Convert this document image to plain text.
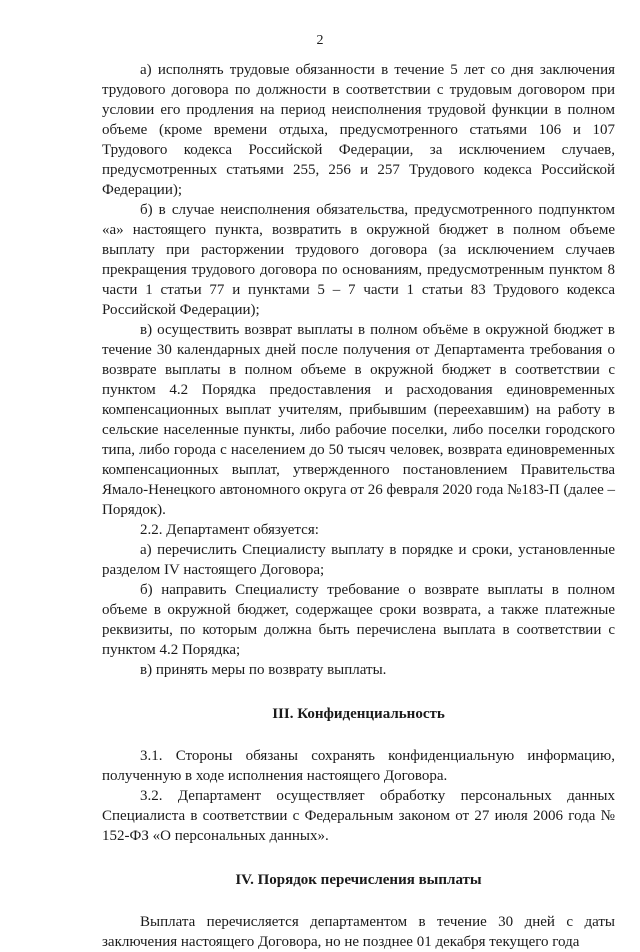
2

а) исполнять трудовые обязанности в течение 5 лет со дня заключения трудового договора по должности в соответствии с трудовым договором при условии его продления на период неисполнения трудовой функции в полном объеме (кроме времени отдыха, предусмотренного статьями 106 и 107 Трудового кодекса Российской Федерации, за исключением случаев, предусмотренных статьями 255, 256 и 257 Трудового кодекса Российской Федерации);

б) в случае неисполнения обязательства, предусмотренного подпунктом «а» настоящего пункта, возвратить в окружной бюджет в полном объеме выплату при расторжении трудового договора (за исключением случаев прекращения трудового договора по основаниям, предусмотренным пунктом 8 части 1 статьи 77 и пунктами 5 – 7 части 1 статьи 83 Трудового кодекса Российской Федерации);

в) осуществить возврат выплаты в полном объёме в окружной бюджет в течение 30 календарных дней после получения от Департамента требования о возврате выплаты в полном объеме в окружной бюджет в соответствии с пунктом 4.2 Порядка предоставления и расходования единовременных компенсационных выплат учителям, прибывшим (переехавшим) на работу в сельские населенные пункты, либо рабочие поселки, либо поселки городского типа, либо города с населением до 50 тысяч человек, возврата единовременных компенсационных выплат, утвержденного постановлением Правительства Ямало-Ненецкого автономного округа от 26 февраля 2020 года №183-П (далее – Порядок).

2.2. Департамент обязуется:

а) перечислить Специалисту выплату в порядке и сроки, установленные разделом IV настоящего Договора;

б) направить Специалисту требование о возврате выплаты в полном объеме в окружной бюджет, содержащее сроки возврата, а также платежные реквизиты, по которым должна быть перечислена выплата в соответствии с пунктом 4.2 Порядка;

в) принять меры по возврату выплаты.

III. Конфиденциальность

3.1. Стороны обязаны сохранять конфиденциальную информацию, полученную в ходе исполнения настоящего Договора.

3.2. Департамент осуществляет обработку персональных данных Специалиста в соответствии с Федеральным законом от 27 июля 2006 года № 152-ФЗ «О персональных данных».

IV. Порядок перечисления выплаты

Выплата перечисляется департаментом в течение 30 дней с даты заключения настоящего Договора, но не позднее 01 декабря текущего года
